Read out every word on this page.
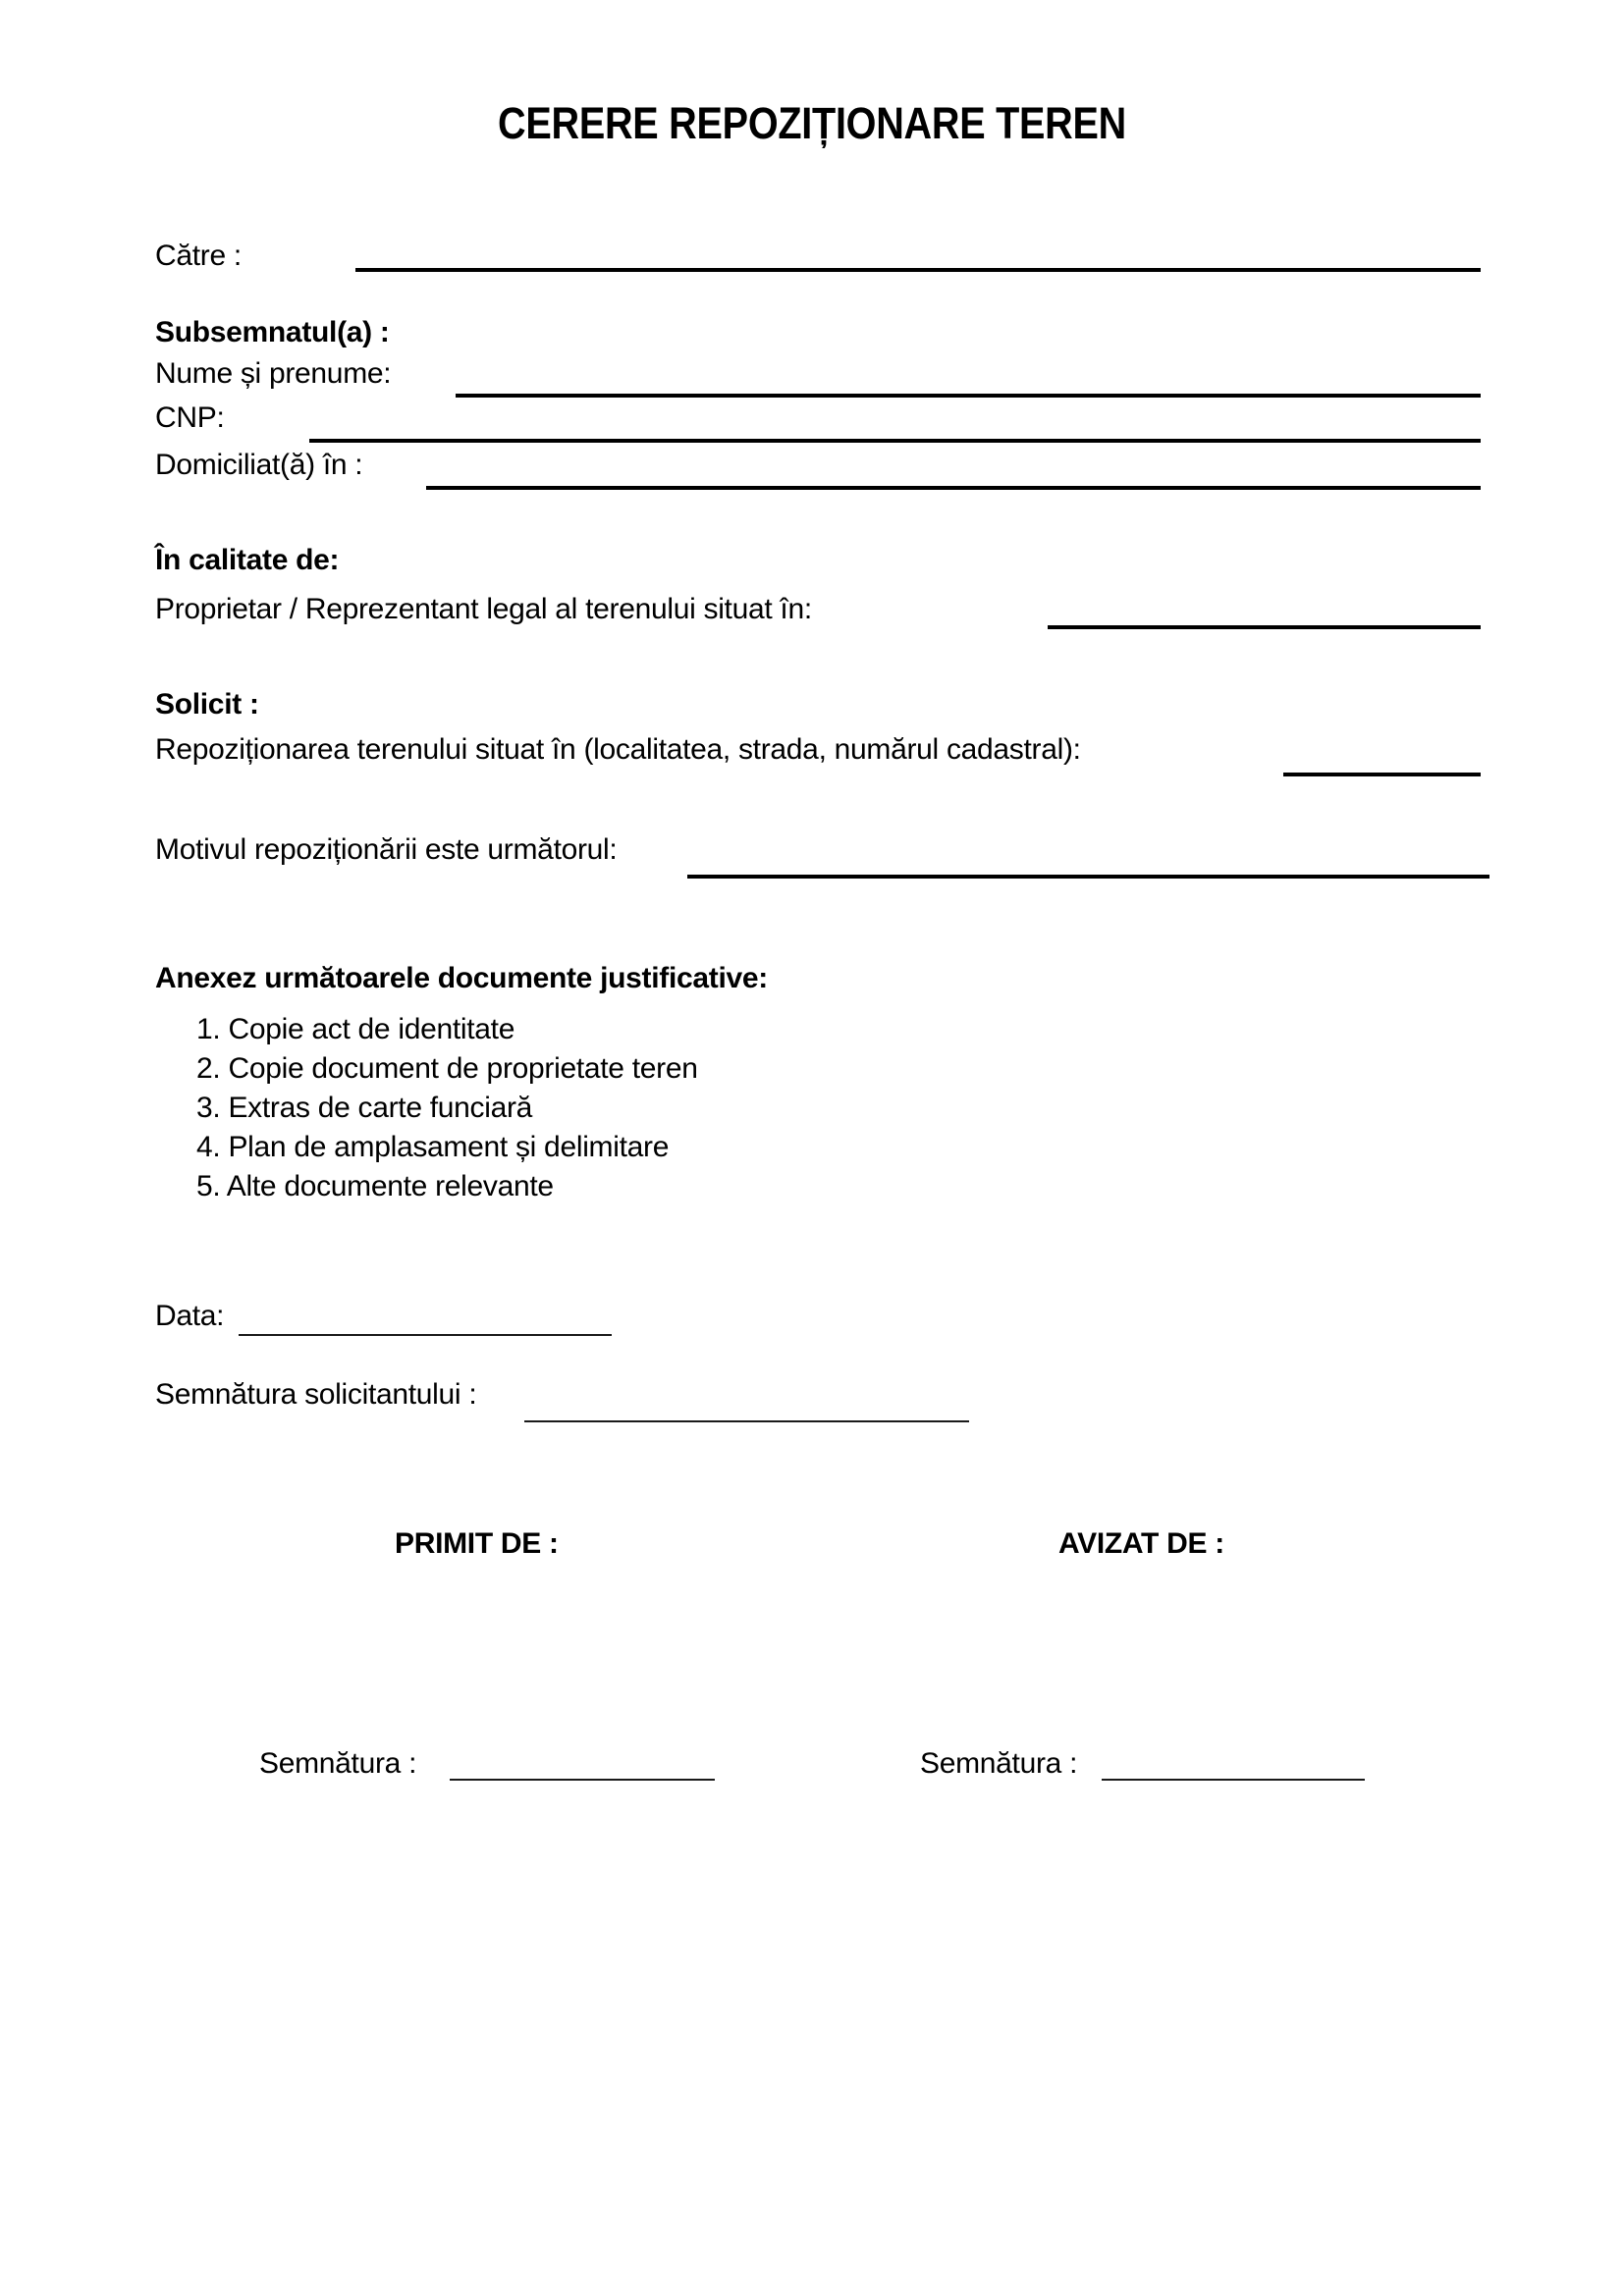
CERERE REPOZIȚIONARE TEREN
Către :
Subsemnatul(a) :
Nume și prenume:
CNP:
Domiciliat(ă) în :
În calitate de:
Proprietar / Reprezentant legal al terenului situat în:
Solicit :
Repoziționarea terenului situat în (localitatea, strada, numărul cadastral):
Motivul repoziționării este următorul:
Anexez următoarele documente justificative:
1. Copie act de identitate
2. Copie document de proprietate teren
3. Extras de carte funciară
4. Plan de amplasament și delimitare
5. Alte documente relevante
Data:
Semnătura solicitantului :
PRIMIT DE :	AVIZAT DE :
Semnătura :	Semnătura :
